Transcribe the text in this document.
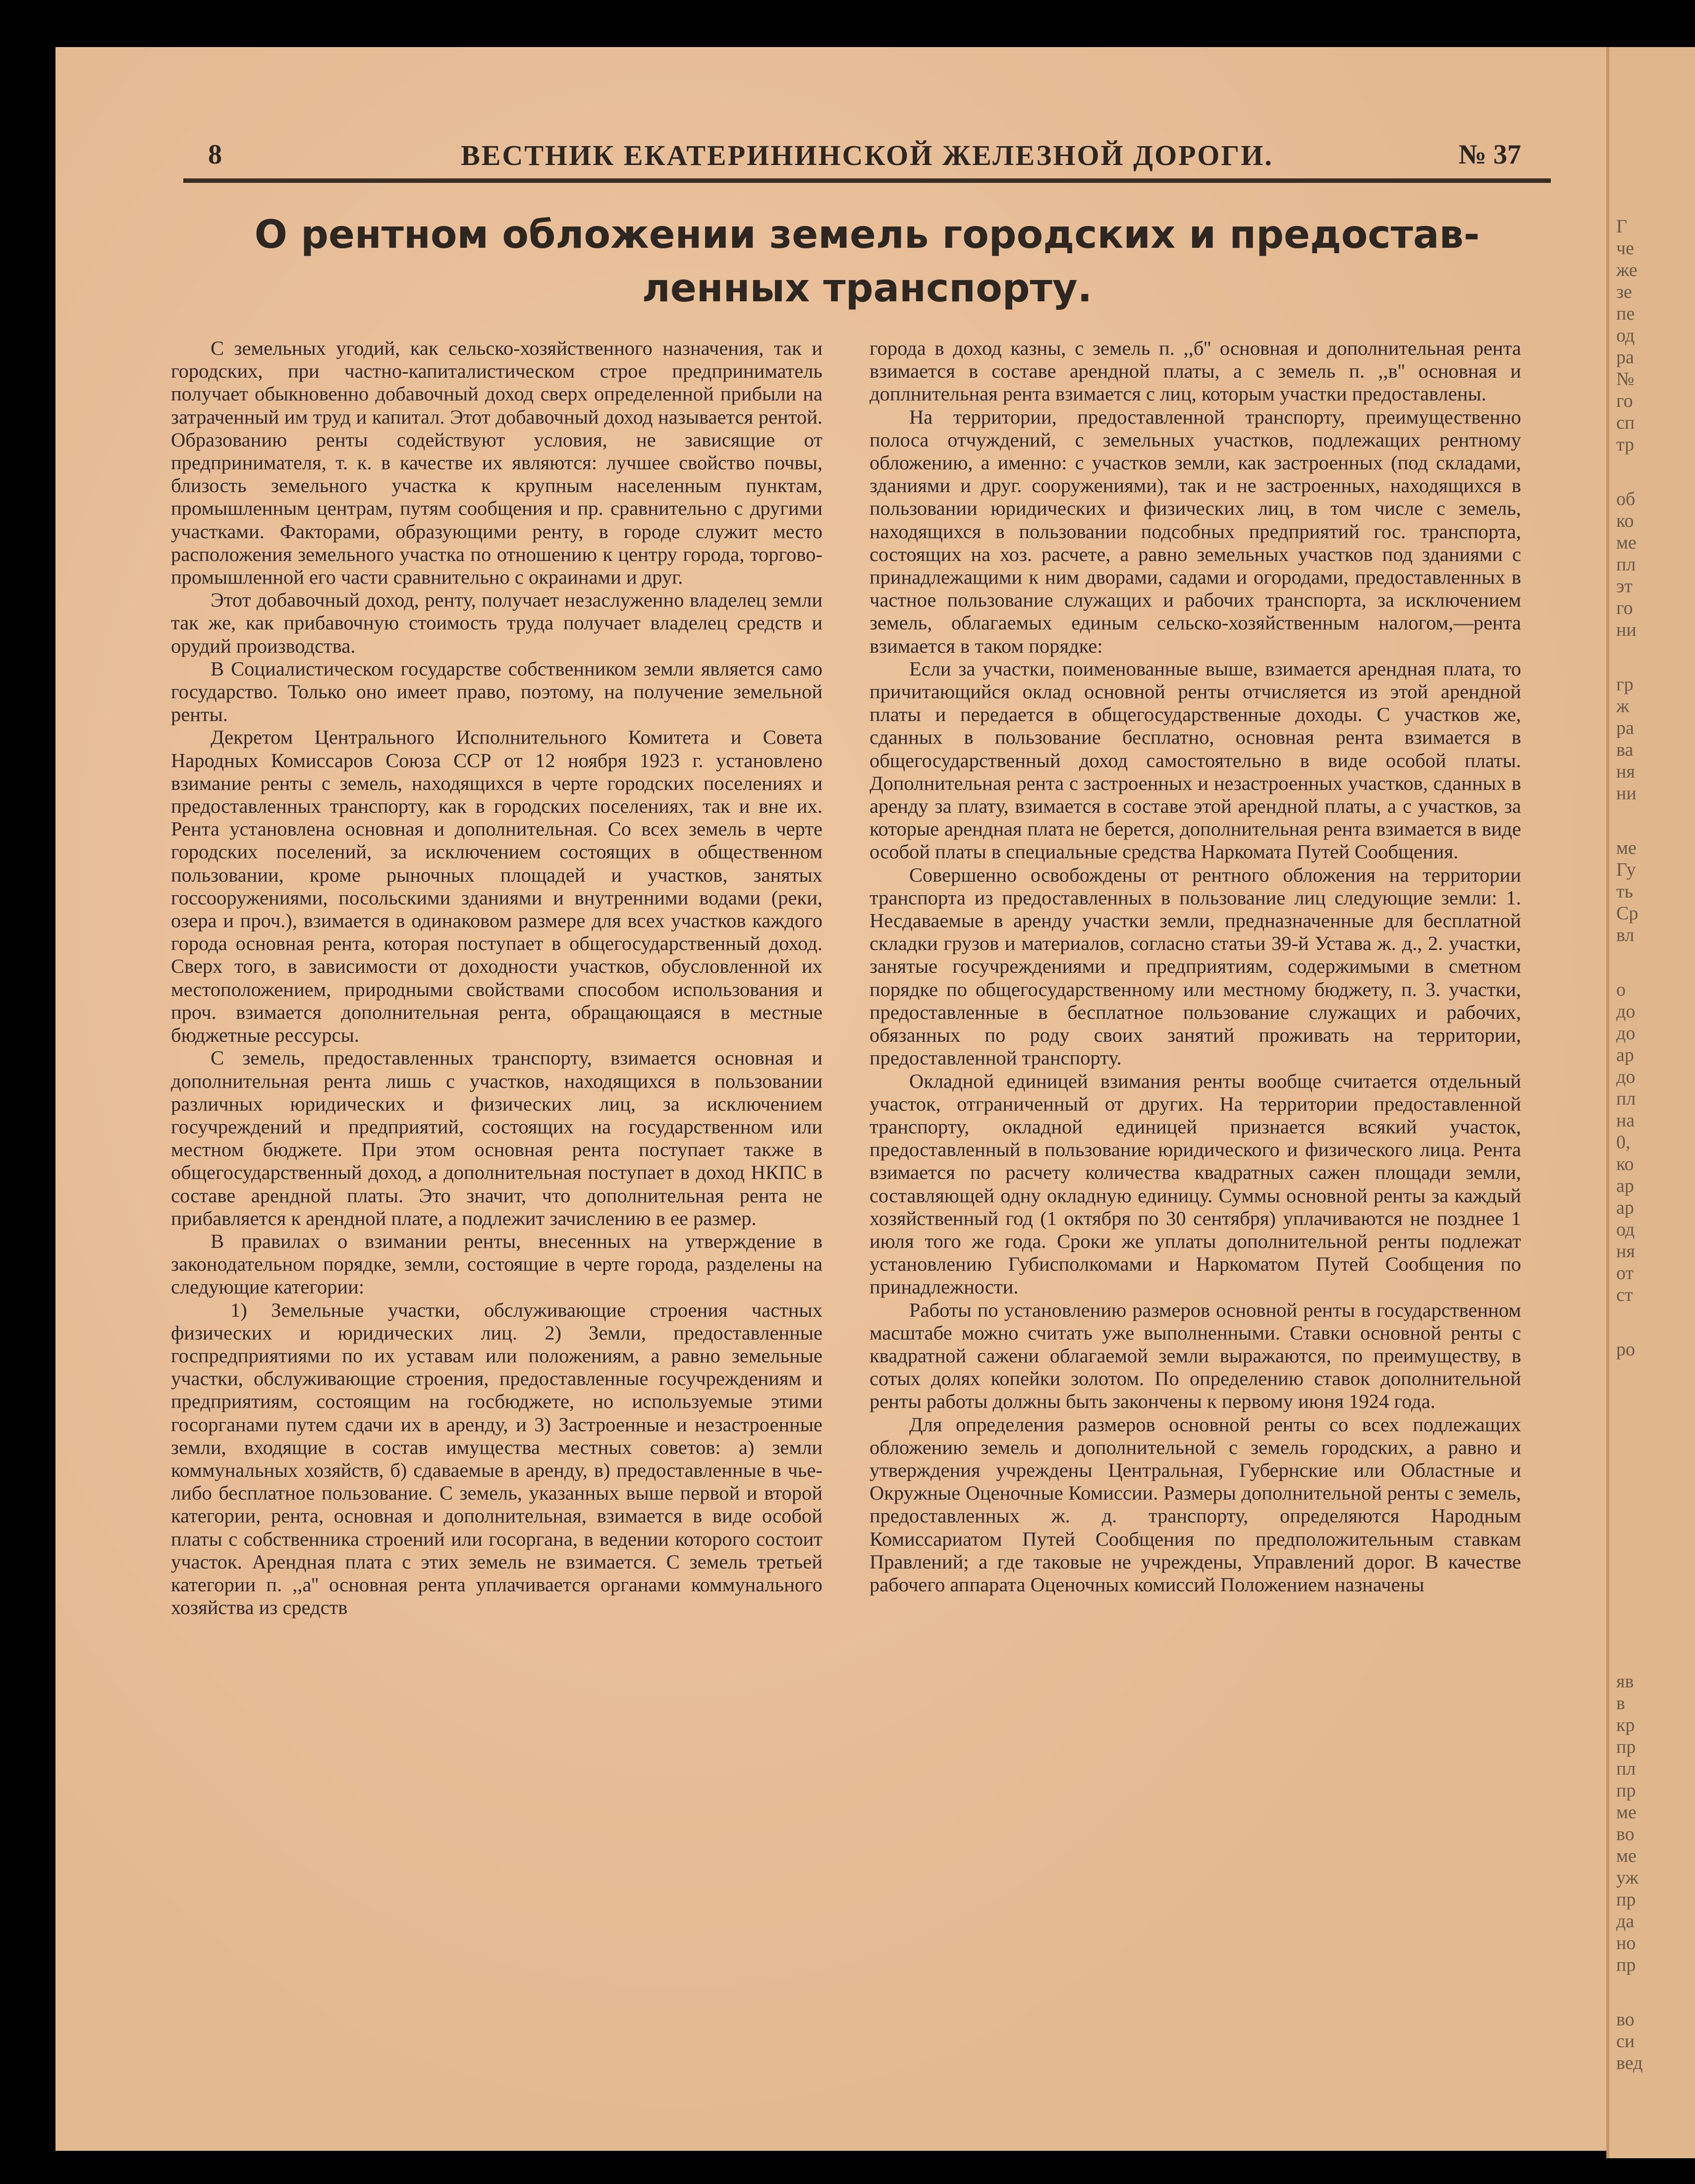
Г
че
же
зе
пе
од
ра
№
го
сп
тр
об
ко
ме
пл
эт
го
ни
гр
ж
ра
ва
ня
ни
ме
Гу
ть
Ср
вл
о
до
до
ар
до
пл
на
0,
ко
ар
ар
од
ня
от
ст
ро
яв
в
кр
пр
пл
пр
ме
во
ме
уж
пр
да
но
пр
во
си
вед
8	ВЕСТНИК ЕКАТЕРИНИНСКОЙ ЖЕЛЕЗНОЙ ДОРОГИ.	№ 37
О рентном обложении земель городских и предостав-
ленных транспорту.

С земельных угодий, как сельско-хозяйственного назначения, так и городских, при частно-капиталистическом строе предприниматель получает обыкновенно добавочный доход сверх определенной прибыли на затраченный им труд и капитал. Этот добавочный доход называется рентой. Образованию ренты содействуют условия, не зависящие от предпринимателя, т. к. в качестве их являются: лучшее свойство почвы, близость земельного участка к крупным населенным пунктам, промышленным центрам, путям сообщения и пр. сравнительно с другими участками. Факторами, образующими ренту, в городе служит место расположения земельного участка по отношению к центру города, торгово-промышленной его части сравнительно с окраинами и друг.

Этот добавочный доход, ренту, получает незаслуженно владелец земли так же, как прибавочную стоимость труда получает владелец средств и орудий производства.

В Социалистическом государстве собственником земли является само государство. Только оно имеет право, поэтому, на получение земельной ренты.

Декретом Центрального Исполнительного Комитета и Совета Народных Комиссаров Союза ССР от 12 ноября 1923 г. установлено взимание ренты с земель, находящихся в черте городских поселениях и предоставленных транспорту, как в городских поселениях, так и вне их. Рента установлена основная и дополнительная. Со всех земель в черте городских поселений, за исключением состоящих в общественном пользовании, кроме рыночных площадей и участков, занятых гоcсооружениями, посольскими зданиями и внутренними водами (реки, озера и проч.), взимается в одинаковом размере для всех участков каждого города основная рента, которая поступает в общегосударственный доход. Сверх того, в зависимости от доходности участков, обусловленной их местоположением, природными свойствами способом использования и проч. взимается дополнительная рента, обращающаяся в местные бюджетные рессурсы.

С земель, предоставленных транспорту, взимается основная и дополнительная рента лишь с участков, находящихся в пользовании различных юридических и физических лиц, за исключением госучреждений и предприятий, состоящих на государственном или местном бюджете. При этом основная рента поступает также в общегосударственный доход, а дополнительная поступает в доход НКПС в составе арендной платы. Это значит, что дополнительная рента не прибавляется к арендной плате, а подлежит зачислению в ее размер.

В правилах о взимании ренты, внесенных на утверждение в законодательном порядке, земли, состоящие в черте города, разделены на следующие категории:

1) Земельные участки, обслуживающие строения частных физических и юридических лиц. 2) Земли, предоставленные госпредприятиями по их уставам или положениям, а равно земельные участки, обслуживающие строения, предоставленные госучреждениям и предприятиям, состоящим на госбюджете, но используемые этими госорганами путем сдачи их в аренду, и 3) Застроенные и незастроенные земли, входящие в состав имущества местных советов: а) земли коммунальных хозяйств, б) сдаваемые в аренду, в) предоставленные в чье-либо бесплатное пользование. С земель, указанных выше первой и второй категории, рента, основная и дополнительная, взимается в виде особой платы с собственника строений или госоргана, в ведении которого состоит участок. Арендная плата с этих земель не взимается. С земель третьей категории п. ,,а'' основная рента уплачивается органами коммунального хозяйства из средств

города в доход казны, с земель п. ,,б'' основная и дополнительная рента взимается в составе арендной платы, а с земель п. ,,в'' основная и доплнительная рента взимается с лиц, которым участки предоставлены.

На территории, предоставленной транспорту, преимущественно полоса отчуждений, с земельных участков, подлежащих рентному обложению, а именно: с участков земли, как застроенных (под складами, зданиями и друг. сооружениями), так и не застроенных, находящихся в пользовании юридических и физических лиц, в том числе с земель, находящихся в пользовании подсобных предприятий гос. транспорта, состоящих на хоз. расчете, а равно земельных участков под зданиями с принадлежащими к ним дворами, садами и огородами, предоставленных в частное пользование служащих и рабочих транспорта, за исключением земель, облагаемых единым сельско-хозяйственным налогом,—рента взимается в таком порядке:

Если за участки, поименованные выше, взимается арендная плата, то причитающийся оклад основной ренты отчисляется из этой арендной платы и передается в общегосударственные доходы. С участков же, сданных в пользование бесплатно, основная рента взимается в общегосударственный доход самостоятельно в виде особой платы. Дополнительная рента с застроенных и незастроенных участков, сданных в аренду за плату, взимается в составе этой арендной платы, а с участков, за которые арендная плата не берется, дополнительная рента взимается в виде особой платы в специальные средства Наркомата Путей Сообщения.

Совершенно освобождены от рентного обложения на территории транспорта из предоставленных в пользование лиц следующие земли: 1. Несдаваемые в аренду участки земли, предназначенные для бесплатной складки грузов и материалов, согласно статьи 39-й Устава ж. д., 2. участки, занятые госучреждениями и предприятиям, содержимыми в сметном порядке по общегосударственному или местному бюджету, п. 3. участки, предоставленные в бесплатное пользование служащих и рабочих, обязанных по роду своих занятий проживать на территории, предоставленной транспорту.

Окладной единицей взимания ренты вообще считается отдельный участок, отграниченный от других. На территории предоставленной транспорту, окладной единицей признается всякий участок, предоставленный в пользование юридического и физического лица. Рента взимается по расчету количества квадратных сажен площади земли, составляющей одну окладную единицу. Суммы основной ренты за каждый хозяйственный год (1 октября по 30 сентября) уплачиваются не позднее 1 июля того же года. Сроки же уплаты дополнительной ренты подлежат установлению Губисполкомами и Наркоматом Путей Сообщения по принадлежности.

Работы по установлению размеров основной ренты в государственном масштабе можно считать уже выполненными. Ставки основной ренты с квадратной сажени облагаемой земли выражаются, по преимуществу, в сотых долях копейки золотом. По определению ставок дополнительной ренты работы должны быть закончены к первому июня 1924 года.

Для определения размеров основной ренты со всех подлежащих обложению земель и дополнительной с земель городских, а равно и утверждения учреждены Центральная, Губернские или Областные и Окружные Оценочные Комиссии. Размеры дополнительной ренты с земель, предоставленных ж. д. транспорту, определяются Народным Комиссариатом Путей Сообщения по предположительным ставкам Правлений; а где таковые не учреждены, Управлений дорог. В качестве рабочего аппарата Оценочных комиссий Положением назначены
